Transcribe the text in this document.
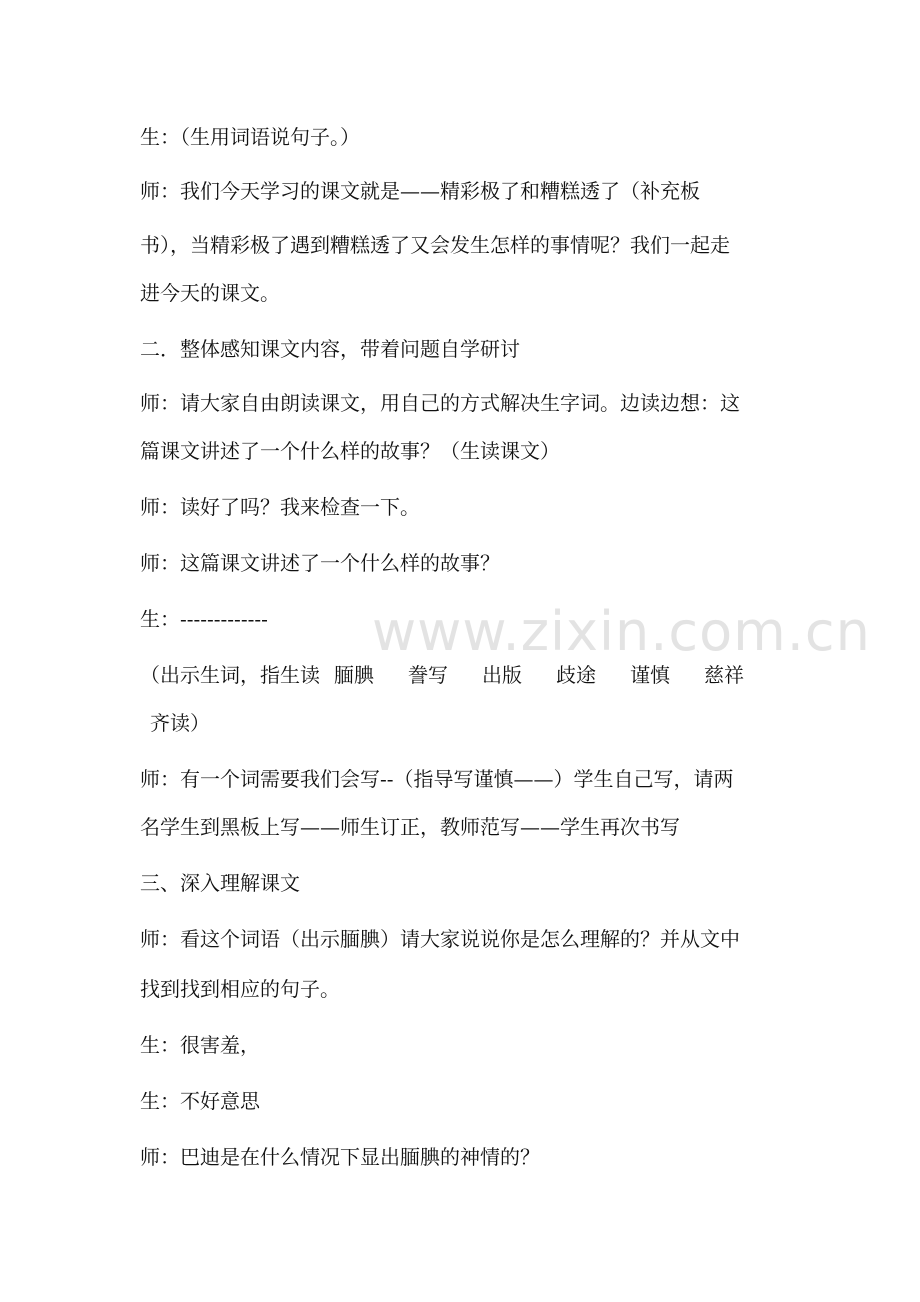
www.zixin.com.cn
生：（生用词语说句子。）
师：我们今天学习的课文就是——精彩极了和糟糕透了（补充板
书），当精彩极了遇到糟糕透了又会发生怎样的事情呢？我们一起走
进今天的课文。
二．整体感知课文内容，带着问题自学研讨
师：请大家自由朗读课文，用自己的方式解决生字词。边读边想：这
篇课文讲述了一个什么样的故事？（生读课文）
师：读好了吗？我来检查一下。
师：这篇课文讲述了一个什么样的故事？
生：-------------
（出示生词，指生读 腼腆 誊写 出版 歧途 谨慎 慈祥
齐读）
师：有一个词需要我们会写--（指导写谨慎——）学生自己写，请两
名学生到黑板上写——师生订正，教师范写——学生再次书写
三、深入理解课文
师：看这个词语（出示腼腆）请大家说说你是怎么理解的？并从文中
找到找到相应的句子。
生：很害羞，
生：不好意思
师：巴迪是在什么情况下显出腼腆的神情的？
